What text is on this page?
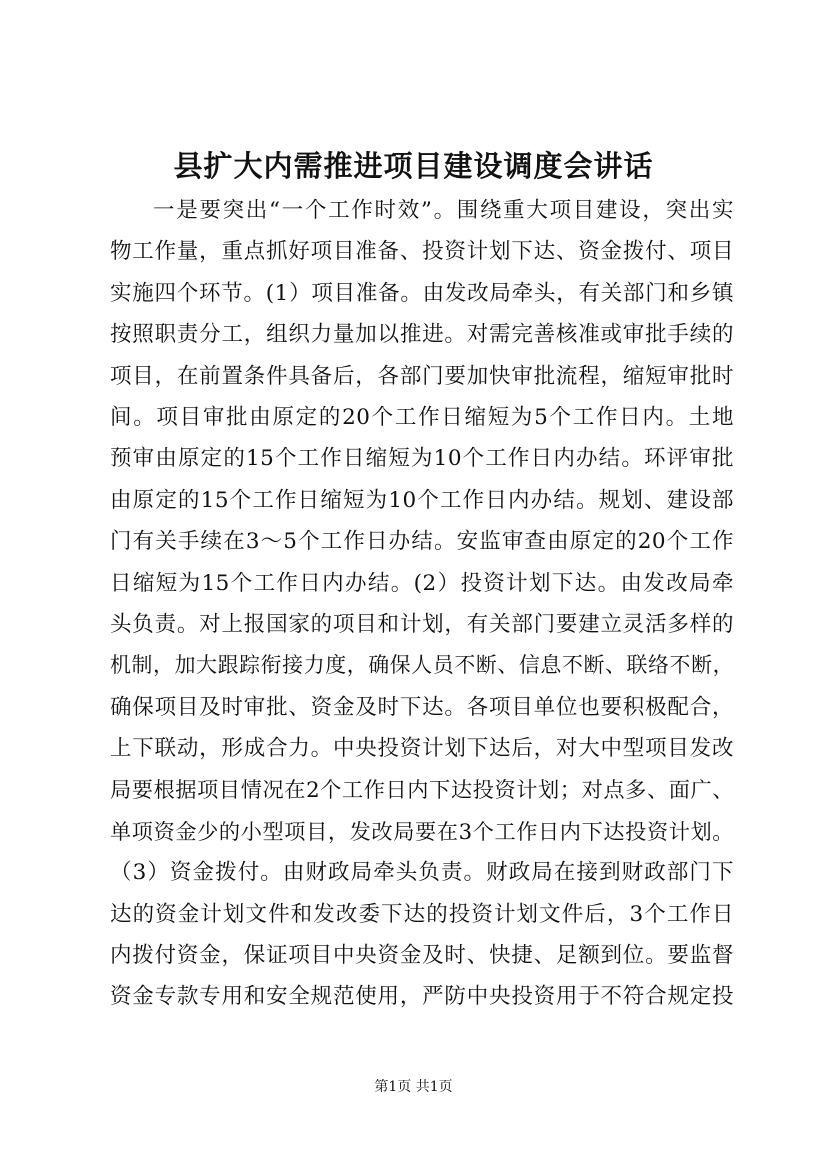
县扩大内需推进项目建设调度会讲话
一是要突出“一个工作时效”。围绕重大项目建设，突出实
物工作量，重点抓好项目准备、投资计划下达、资金拨付、项目
实施四个环节。(1）项目准备。由发改局牵头，有关部门和乡镇
按照职责分工，组织力量加以推进。对需完善核准或审批手续的
项目，在前置条件具备后，各部门要加快审批流程，缩短审批时
间。项目审批由原定的20个工作日缩短为5个工作日内。土地
预审由原定的15个工作日缩短为10个工作日内办结。环评审批
由原定的15个工作日缩短为10个工作日内办结。规划、建设部
门有关手续在3～5个工作日办结。安监审查由原定的20个工作
日缩短为15个工作日内办结。(2）投资计划下达。由发改局牵
头负责。对上报国家的项目和计划，有关部门要建立灵活多样的
机制，加大跟踪衔接力度，确保人员不断、信息不断、联络不断，
确保项目及时审批、资金及时下达。各项目单位也要积极配合，
上下联动，形成合力。中央投资计划下达后，对大中型项目发改
局要根据项目情况在2个工作日内下达投资计划；对点多、面广、
单项资金少的小型项目，发改局要在3个工作日内下达投资计划。
（3）资金拨付。由财政局牵头负责。财政局在接到财政部门下
达的资金计划文件和发改委下达的投资计划文件后，3个工作日
内拨付资金，保证项目中央资金及时、快捷、足额到位。要监督
资金专款专用和安全规范使用，严防中央投资用于不符合规定投
第1页 共1页
